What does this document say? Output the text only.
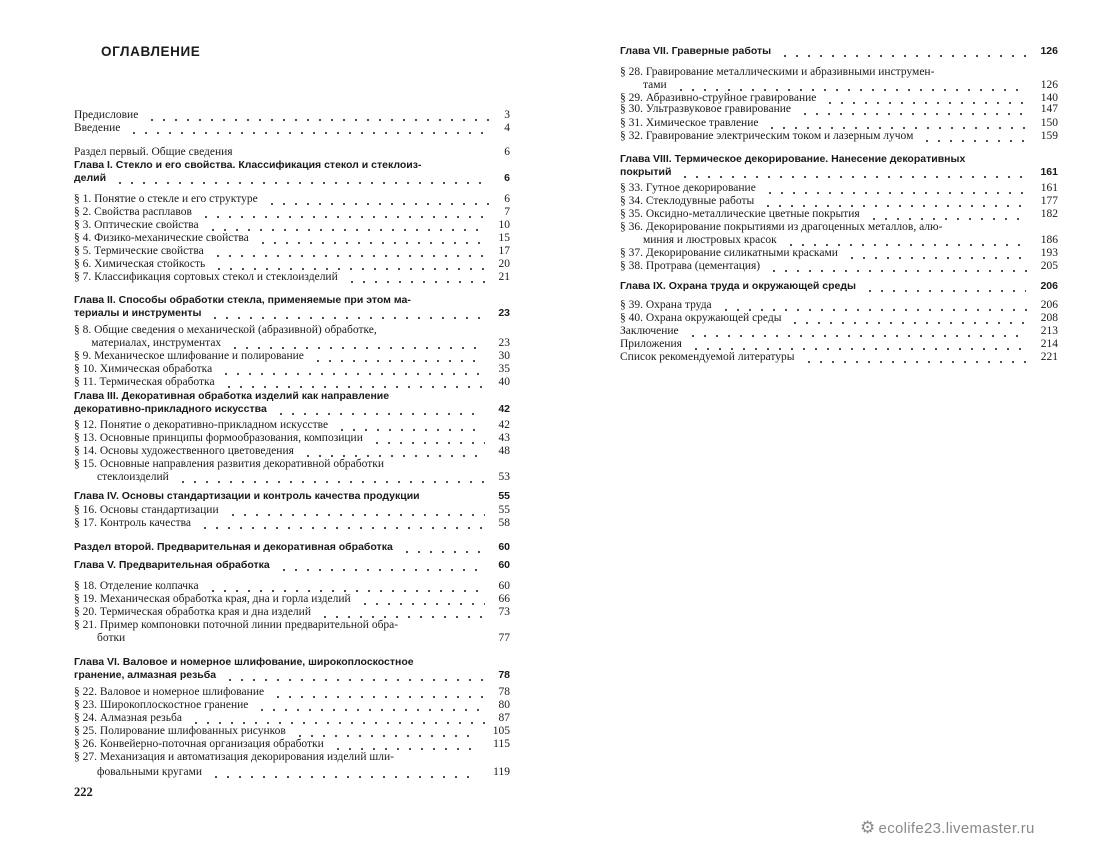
ОГЛАВЛЕНИЕ
Предисловие	3
Введение	4
Раздел первый. Общие сведения	6
Глава I. Стекло и его свойства. Классификация стекол и стеклоиз-
делий	6
§ 1. Понятие о стекле и его структуре	6
§ 2. Свойства расплавов	7
§ 3. Оптические свойства	10
§ 4. Физико-механические свойства	15
§ 5. Термические свойства	17
§ 6. Химическая стойкость	20
§ 7. Классификация сортовых стекол и стеклоизделий	21
Глава II. Способы обработки стекла, применяемые при этом ма-
териалы и инструменты	23
§ 8. Общие сведения о механической (абразивной) обработке,
материалах, инструментах	23
§ 9. Механическое шлифование и полирование	30
§ 10. Химическая обработка	35
§ 11. Термическая обработка	40
Глава III. Декоративная обработка изделий как направление
декоративно-прикладного искусства	42
§ 12. Понятие о декоративно-прикладном искусстве	42
§ 13. Основные принципы формообразования, композиции	43
§ 14. Основы художественного цветоведения	48
§ 15. Основные направления развития декоративной обработки
стеклоизделий	53
Глава IV. Основы стандартизации и контроль качества продукции	55
§ 16. Основы стандартизации	55
§ 17. Контроль качества	58
Раздел второй. Предварительная и декоративная обработка	60
Глава V. Предварительная обработка	60
§ 18. Отделение колпачка	60
§ 19. Механическая обработка края, дна и горла изделий	66
§ 20. Термическая обработка края и дна изделий	73
§ 21. Пример компоновки поточной линии предварительной обра-
ботки	77
Глава VI. Валовое и номерное шлифование, широкоплоскостное
гранение, алмазная резьба	78
§ 22. Валовое и номерное шлифование	78
§ 23. Широкоплоскостное гранение	80
§ 24. Алмазная резьба	87
§ 25. Полирование шлифованных рисунков	105
§ 26. Конвейерно-поточная организация обработки	115
§ 27. Механизация и автоматизация декорирования изделий шли-
фовальными кругами	119
Глава VII. Граверные работы	126
§ 28. Гравирование металлическими и абразивными инструмен-
тами	126
§ 29. Абразивно-струйное гравирование	140
§ 30. Ультразвуковое гравирование	147
§ 31. Химическое травление	150
§ 32. Гравирование электрическим током и лазерным лучом	159
Глава VIII. Термическое декорирование. Нанесение декоративных
покрытий	161
§ 33. Гутное декорирование	161
§ 34. Стеклодувные работы	177
§ 35. Оксидно-металлические цветные покрытия	182
§ 36. Декорирование покрытиями из драгоценных металлов, алю-
миния и люстровых красок	186
§ 37. Декорирование силикатными красками	193
§ 38. Протрава (цементация)	205
Глава IX. Охрана труда и окружающей среды	206
§ 39. Охрана труда	206
§ 40. Охрана окружающей среды	208
Заключение	213
Приложения	214
Список рекомендуемой литературы	221
222
⚙ ecolife23.livemaster.ru
